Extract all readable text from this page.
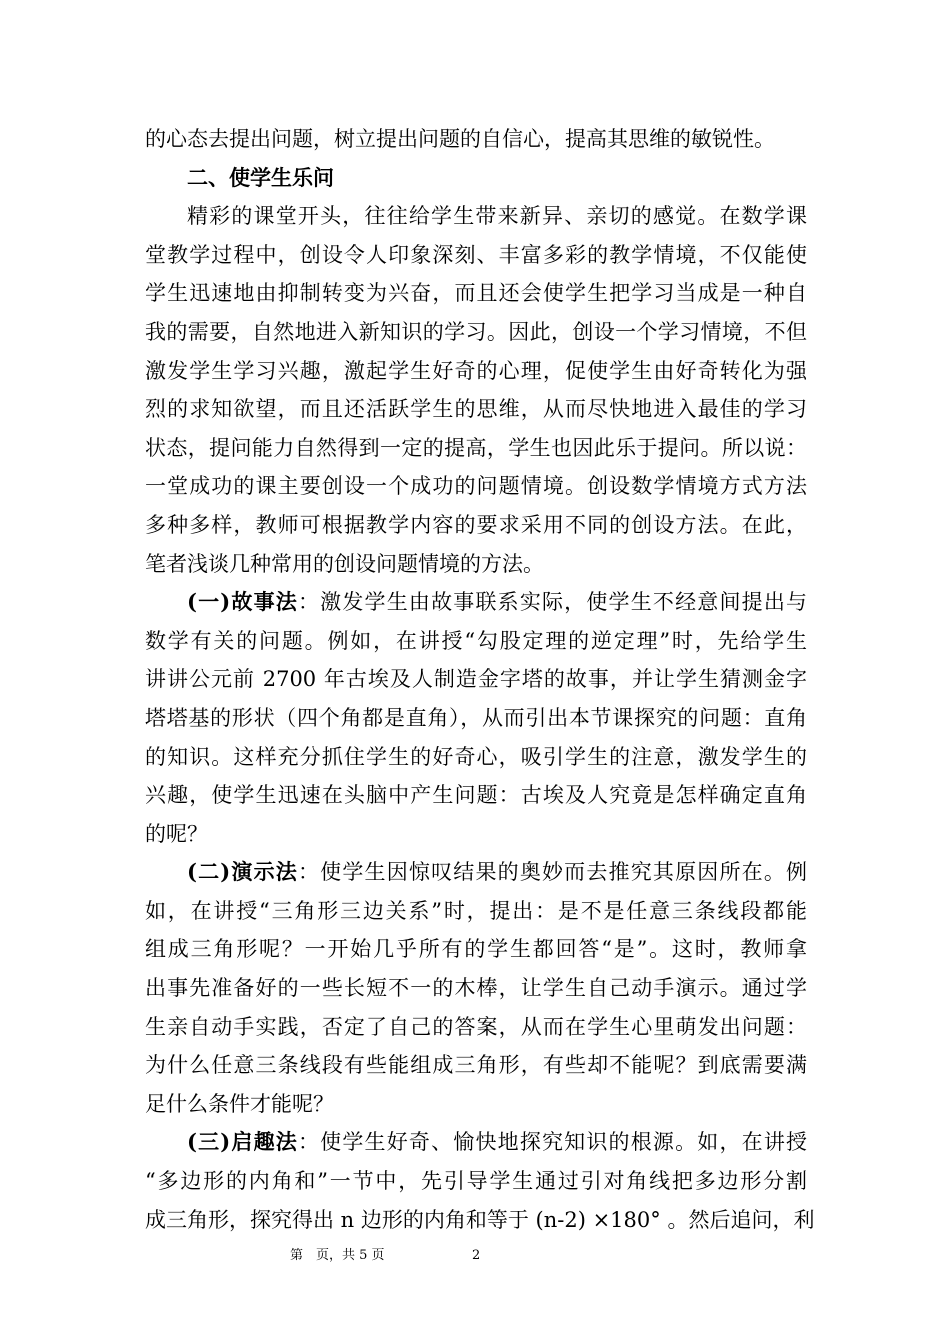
的心态去提出问题，树立提出问题的自信心，提高其思维的敏锐性。
二、使学生乐问
精彩的课堂开头，往往给学生带来新异、亲切的感觉。在数学课
堂教学过程中，创设令人印象深刻、丰富多彩的教学情境，不仅能使
学生迅速地由抑制转变为兴奋，而且还会使学生把学习当成是一种自
我的需要，自然地进入新知识的学习。因此，创设一个学习情境，不但
激发学生学习兴趣，激起学生好奇的心理，促使学生由好奇转化为强
烈的求知欲望，而且还活跃学生的思维，从而尽快地进入最佳的学习
状态，提问能力自然得到一定的提高，学生也因此乐于提问。所以说：
一堂成功的课主要创设一个成功的问题情境。创设数学情境方式方法
多种多样，教师可根据教学内容的要求采用不同的创设方法。在此，
笔者浅谈几种常用的创设问题情境的方法。
(一)故事法：激发学生由故事联系实际，使学生不经意间提出与
数学有关的问题。例如，在讲授“勾股定理的逆定理”时，先给学生
讲讲公元前 2700 年古埃及人制造金字塔的故事，并让学生猜测金字
塔塔基的形状（四个角都是直角），从而引出本节课探究的问题：直角
的知识。这样充分抓住学生的好奇心，吸引学生的注意，激发学生的
兴趣，使学生迅速在头脑中产生问题：古埃及人究竟是怎样确定直角
的呢？
(二)演示法：使学生因惊叹结果的奥妙而去推究其原因所在。例
如，在讲授“三角形三边关系”时，提出：是不是任意三条线段都能
组成三角形呢？一开始几乎所有的学生都回答“是”。这时，教师拿
出事先准备好的一些长短不一的木棒，让学生自己动手演示。通过学
生亲自动手实践，否定了自己的答案，从而在学生心里萌发出问题：
为什么任意三条线段有些能组成三角形，有些却不能呢？到底需要满
足什么条件才能呢？
(三)启趣法：使学生好奇、愉快地探究知识的根源。如，在讲授
“多边形的内角和”一节中，先引导学生通过引对角线把多边形分割
成三角形，探究得出 n 边形的内角和等于 (n-2) ×180° 。然后追问，利
第　页，共 5 页	2
